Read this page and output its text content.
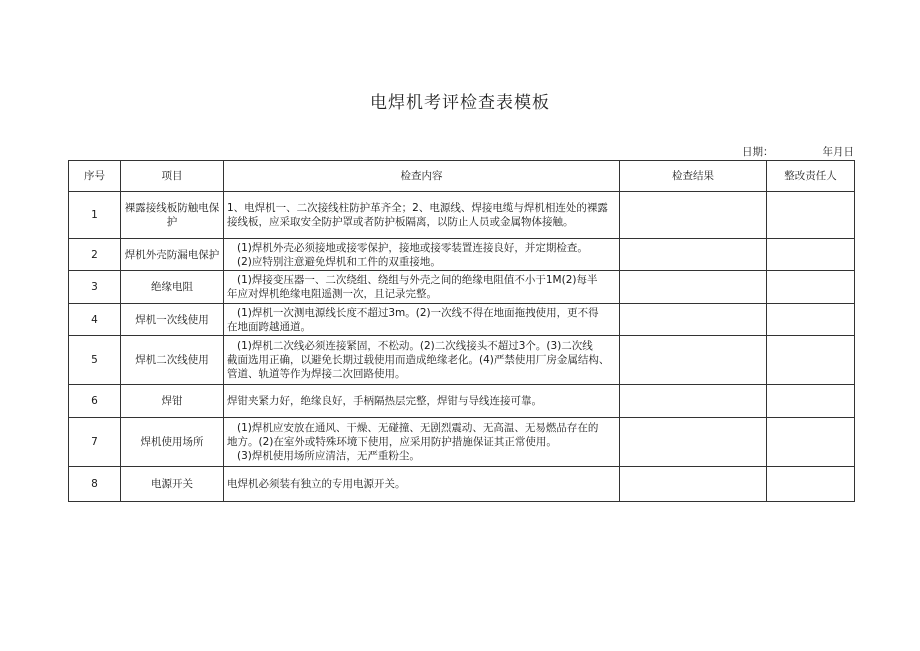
电焊机考评检查表模板
日期：	年月日
序号	项目	检查内容	检查结果	整改责任人
1	裸露接线板防触电保护	1、电焊机一、二次接线柱防护革齐全；2、电源线、焊接电缆与焊机相连处的裸露
接线板，应采取安全防护罩或者防护板隔离，以防止人员或金属物体接触。		

2	焊机外壳防漏电保护	(1)焊机外壳必须接地或接零保护，接地或接零装置连接良好，并定期检查。
(2)应特别注意避免焊机和工件的双重接地。		

3	绝缘电阻	(1)焊接变压器一、二次绕组、绕组与外壳之间的绝缘电阻值不小于1M(2)每半
年应对焊机绝缘电阻遥测一次，且记录完整。		

4	焊机一次线使用	(1)焊机一次测电源线长度不超过3m。(2)一次线不得在地面拖拽使用，更不得
在地面跨越通道。		

5	焊机二次线使用	(1)焊机二次线必须连接紧固，不松动。(2)二次线接头不超过3个。(3)二次线
截面选用正确，以避免长期过载使用而造成绝缘老化。(4)严禁使用厂房金属结构、
管道、轨道等作为焊接二次回路使用。		

6	焊钳	焊钳夹紧力好，绝缘良好，手柄隔热层完整，焊钳与导线连接可靠。		

7	焊机使用场所	(1)焊机应安放在通风、干燥、无碰撞、无剧烈震动、无高温、无易燃品存在的
地方。(2)在室外或特殊环境下使用，应采用防护措施保证其正常使用。
(3)焊机使用场所应清洁，无严重粉尘。		

8	电源开关	电焊机必须装有独立的专用电源开关。		
